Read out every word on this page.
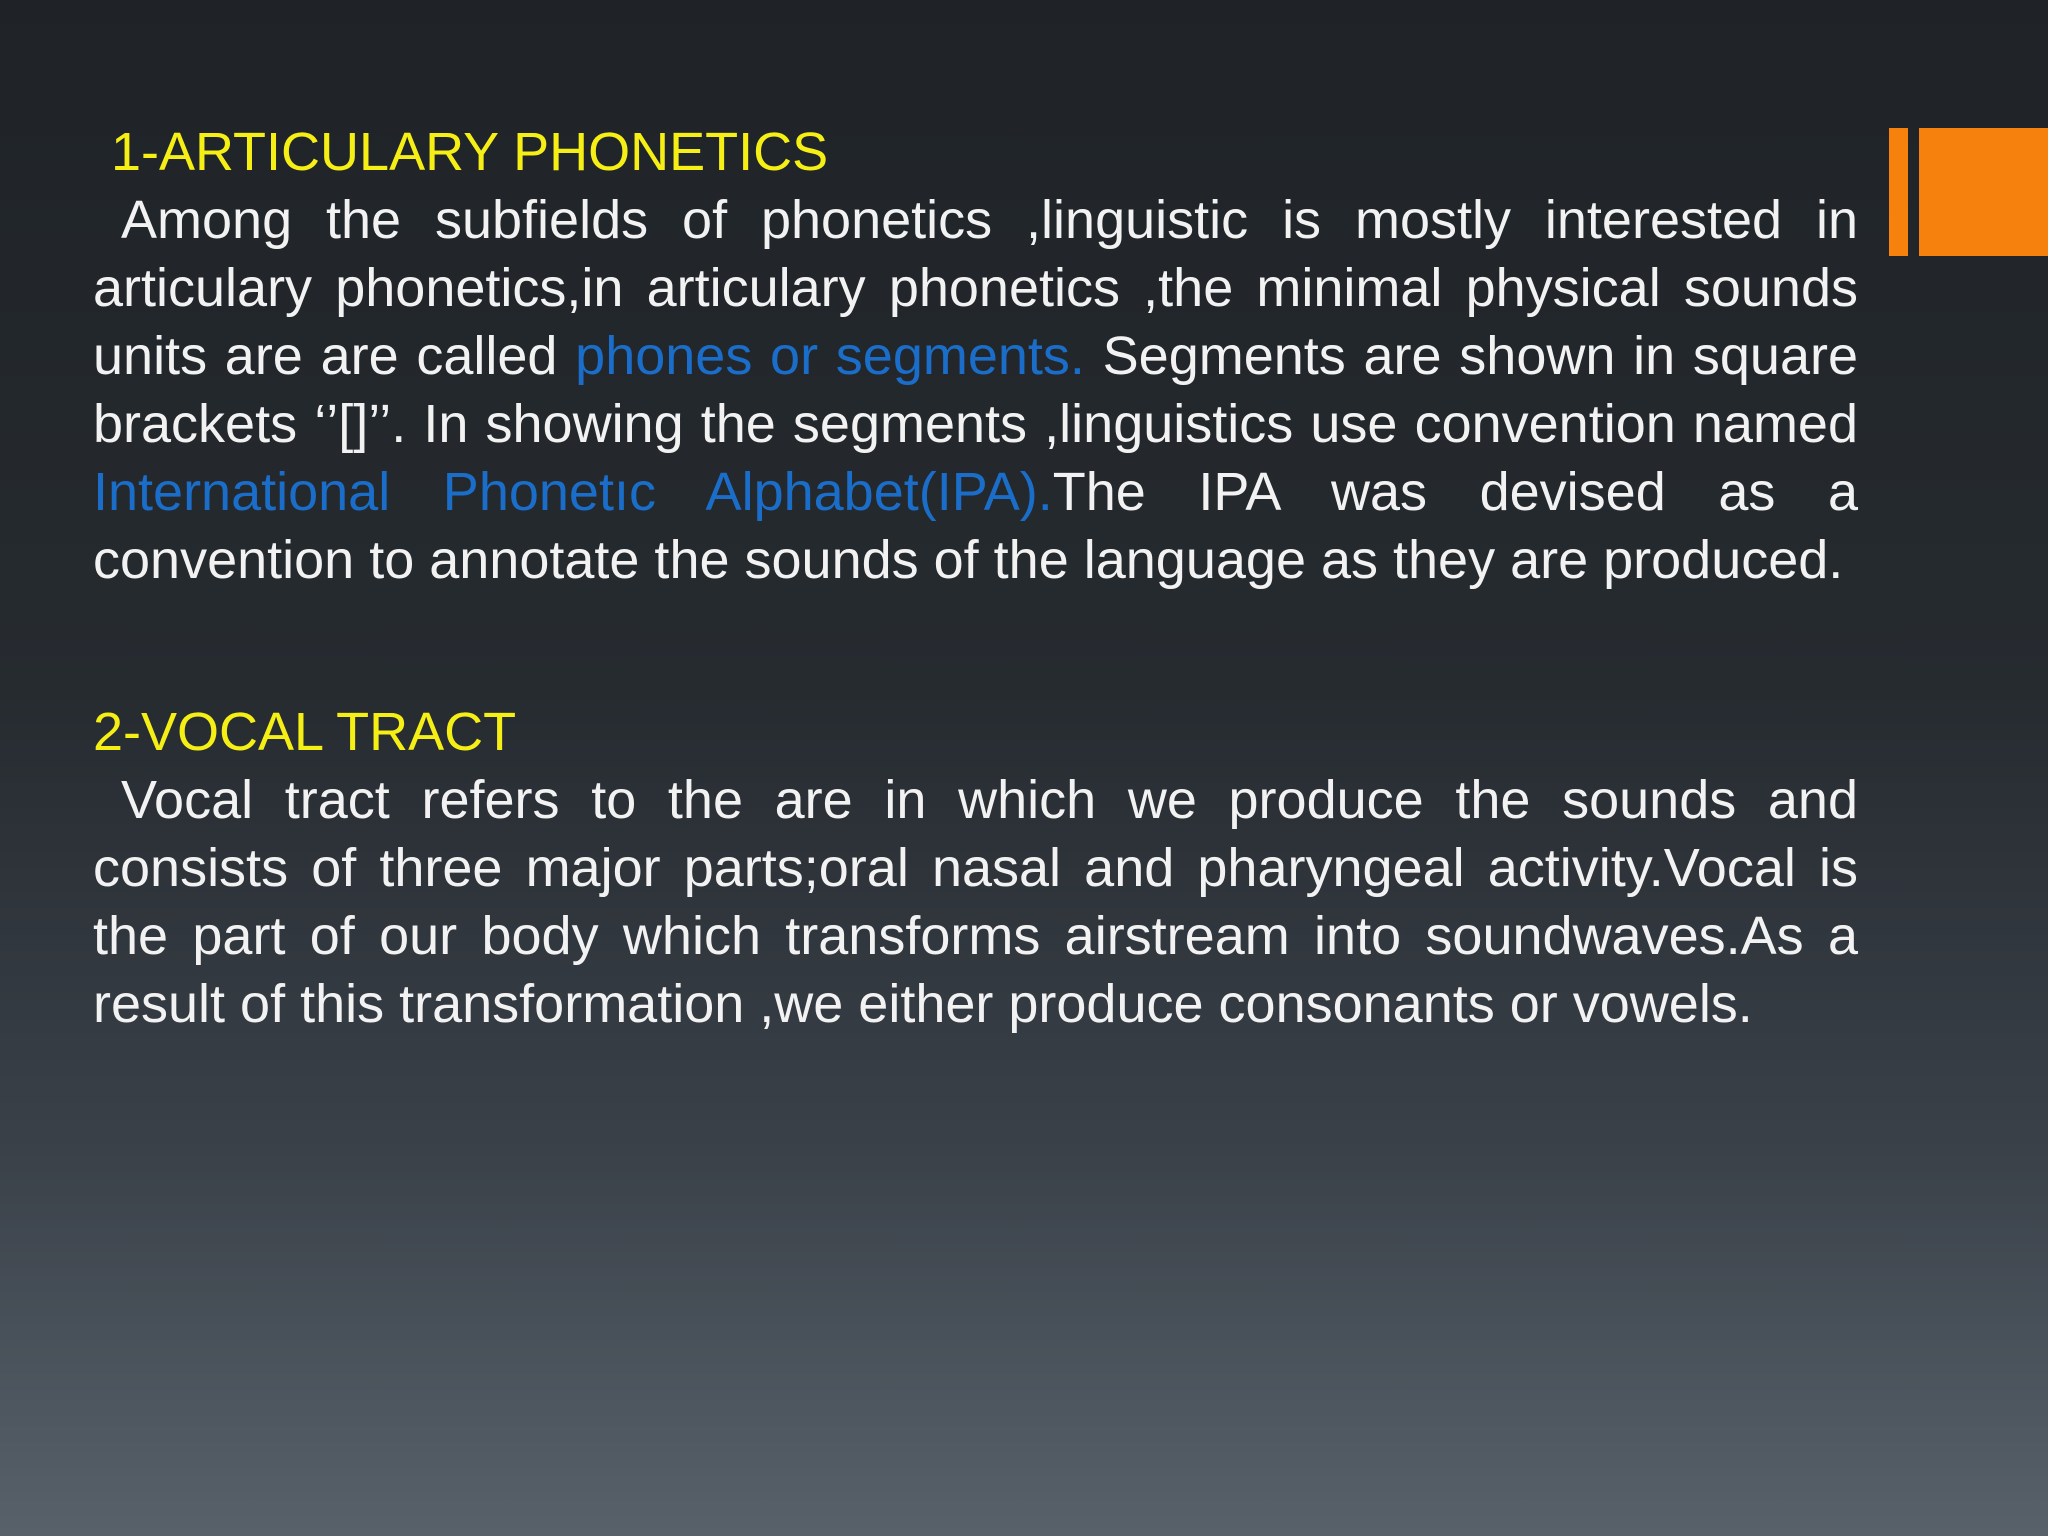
1-ARTICULARY PHONETICS

Among the subfields of phonetics ,linguistic is mostly interested in articulary phonetics,in articulary phonetics ,the minimal physical sounds units are are called phones or segments. Segments are shown in square brackets ‘’[]’’. In showing the segments ,linguistics use convention named International Phonetıc Alphabet(IPA).The IPA was devised as a convention to annotate the sounds of the language as they are produced.

2-VOCAL TRACT

Vocal tract refers to the are in which we produce the sounds and consists of three major parts;oral nasal and pharyngeal activity.Vocal is the part of our body which transforms airstream into soundwaves.As a result of this transformation ,we either produce consonants or vowels.
